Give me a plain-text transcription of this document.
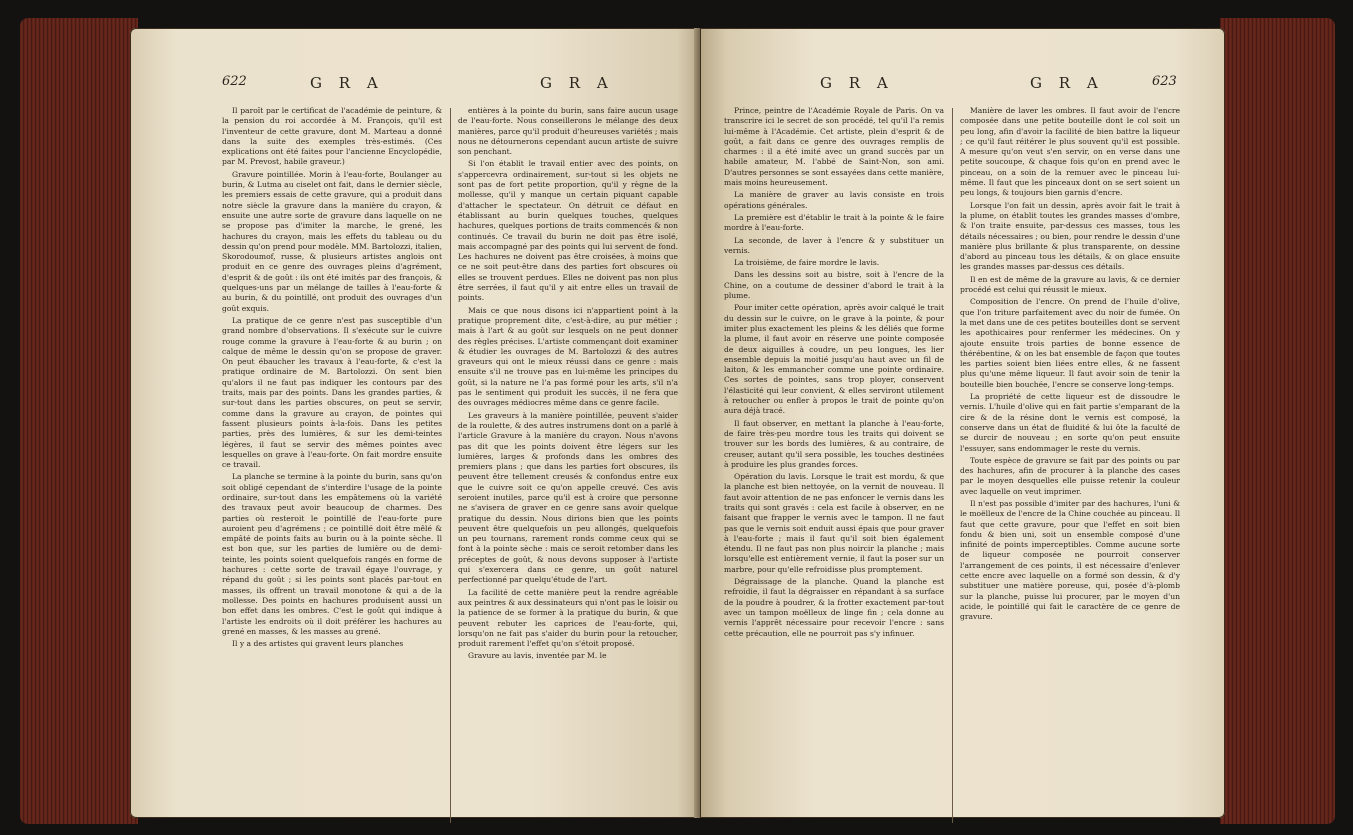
622	G R A	G R A

Il paroît par le certificat de l'académie de peinture, & la pension du roi accordée à M. François, qu'il est l'inventeur de cette gravure, dont M. Marteau a donné dans la suite des exemples très-estimés. (Ces explications ont été faites pour l'ancienne Encyclopédie, par M. Prevost, habile graveur.)

Gravure pointillée. Morin à l'eau-forte, Boulanger au burin, & Lutma au ciselet ont fait, dans le dernier siècle, les premiers essais de cette gravure, qui a produit dans notre siècle la gravure dans la manière du crayon, & ensuite une autre sorte de gravure dans laquelle on ne se propose pas d'imiter la marche, le grené, les hachures du crayon, mais les effets du tableau ou du dessin qu'on prend pour modèle. MM. Bartolozzi, italien, Skorodoumof, russe, & plusieurs artistes anglois ont produit en ce genre des ouvrages pleins d'agrément, d'esprit & de goût : ils ont été imités par des françois, & quelques-uns par un mélange de tailles à l'eau-forte & au burin, & du pointillé, ont produit des ouvrages d'un goût exquis.

La pratique de ce genre n'est pas susceptible d'un grand nombre d'observations. Il s'exécute sur le cuivre rouge comme la gravure à l'eau-forte & au burin ; on calque de même le dessin qu'on se propose de graver. On peut ébaucher les travaux à l'eau-forte, & c'est la pratique ordinaire de M. Bartolozzi. On sent bien qu'alors il ne faut pas indiquer les contours par des traits, mais par des points. Dans les grandes parties, & sur-tout dans les parties obscures, on peut se servir, comme dans la gravure au crayon, de pointes qui fassent plusieurs points à-la-fois. Dans les petites parties, près des lumières, & sur les demi-teintes légères, il faut se servir des mêmes pointes avec lesquelles on grave à l'eau-forte. On fait mordre ensuite ce travail.

La planche se termine à la pointe du burin, sans qu'on soit obligé cependant de s'interdire l'usage de la pointe ordinaire, sur-tout dans les empâtemens où la variété des travaux peut avoir beaucoup de charmes. Des parties où resteroit le pointillé de l'eau-forte pure auroient peu d'agrémens ; ce pointillé doit être mêlé & empâté de points faits au burin ou à la pointe sèche. Il est bon que, sur les parties de lumière ou de demi-teinte, les points soient quelquefois rangés en forme de hachures : cette sorte de travail égaye l'ouvrage, y répand du goût ; si les points sont placés par-tout en masses, ils offrent un travail monotone & qui a de la mollesse. Des points en hachures produisent aussi un bon effet dans les ombres. C'est le goût qui indique à l'artiste les endroits où il doit préférer les hachures au grené en masses, & les masses au grené.

Il y a des artistes qui gravent leurs planches

entières à la pointe du burin, sans faire aucun usage de l'eau-forte. Nous conseillerons le mélange des deux manières, parce qu'il produit d'heureuses variétés ; mais nous ne détournerons cependant aucun artiste de suivre son penchant.

Si l'on établit le travail entier avec des points, on s'appercevra ordinairement, sur-tout si les objets ne sont pas de fort petite proportion, qu'il y règne de la mollesse, qu'il y manque un certain piquant capable d'attacher le spectateur. On détruit ce défaut en établissant au burin quelques touches, quelques hachures, quelques portions de traits commencés & non continués. Ce travail du burin ne doit pas être isolé, mais accompagné par des points qui lui servent de fond. Les hachures ne doivent pas être croisées, à moins que ce ne soit peut-être dans des parties fort obscures où elles se trouvent perdues. Elles ne doivent pas non plus être serrées, il faut qu'il y ait entre elles un travail de points.

Mais ce que nous disons ici n'appartient point à la pratique proprement dite, c'est-à-dire, au pur métier ; mais à l'art & au goût sur lesquels on ne peut donner des règles précises. L'artiste commençant doit examiner & étudier les ouvrages de M. Bartolozzi & des autres graveurs qui ont le mieux réussi dans ce genre : mais ensuite s'il ne trouve pas en lui-même les principes du goût, si la nature ne l'a pas formé pour les arts, s'il n'a pas le sentiment qui produit les succès, il ne fera que des ouvrages médiocres même dans ce genre facile.

Les graveurs à la manière pointillée, peuvent s'aider de la roulette, & des autres instrumens dont on a parlé à l'article Gravure à la manière du crayon. Nous n'avons pas dit que les points doivent être légers sur les lumières, larges & profonds dans les ombres des premiers plans ; que dans les parties fort obscures, ils peuvent être tellement creusés & confondus entre eux que le cuivre soit ce qu'on appelle creuvé. Ces avis seroient inutiles, parce qu'il est à croire que personne ne s'avisera de graver en ce genre sans avoir quelque pratique du dessin. Nous dirions bien que les points peuvent être quelquefois un peu allongés, quelquefois un peu tournans, rarement ronds comme ceux qui se font à la pointe sèche : mais ce seroit retomber dans les préceptes de goût, & nous devons supposer à l'artiste qui s'exercera dans ce genre, un goût naturel perfectionné par quelqu'étude de l'art.

La facilité de cette manière peut la rendre agréable aux peintres & aux dessinateurs qui n'ont pas le loisir ou la patience de se former à la pratique du burin, & que peuvent rebuter les caprices de l'eau-forte, qui, lorsqu'on ne fait pas s'aider du burin pour la retoucher, produit rarement l'effet qu'on s'étoit proposé.

Gravure au lavis, inventée par M. le

G R A	G R A	623

Prince, peintre de l'Académie Royale de Paris. On va transcrire ici le secret de son procédé, tel qu'il l'a remis lui-même à l'Académie. Cet artiste, plein d'esprit & de goût, a fait dans ce genre des ouvrages remplis de charmes : il a été imité avec un grand succès par un habile amateur, M. l'abbé de Saint-Non, son ami. D'autres personnes se sont essayées dans cette manière, mais moins heureusement.

La manière de graver au lavis consiste en trois opérations générales.

La première est d'établir le trait à la pointe & le faire mordre à l'eau-forte.

La seconde, de laver à l'encre & y substituer un vernis.

La troisième, de faire mordre le lavis.

Dans les dessins soit au bistre, soit à l'encre de la Chine, on a coutume de dessiner d'abord le trait à la plume.

Pour imiter cette opération, après avoir calqué le trait du dessin sur le cuivre, on le grave à la pointe, & pour imiter plus exactement les pleins & les déliés que forme la plume, il faut avoir en réserve une pointe composée de deux aiguilles à coudre, un peu longues, les lier ensemble depuis la moitié jusqu'au haut avec un fil de laiton, & les emmancher comme une pointe ordinaire. Ces sortes de pointes, sans trop ployer, conservent l'élasticité qui leur convient, & elles serviront utilement à retoucher ou enfler à propos le trait de pointe qu'on aura déjà tracé.

Il faut observer, en mettant la planche à l'eau-forte, de faire très-peu mordre tous les traits qui doivent se trouver sur les bords des lumières, & au contraire, de creuser, autant qu'il sera possible, les touches destinées à produire les plus grandes forces.

Opération du lavis. Lorsque le trait est mordu, & que la planche est bien nettoyée, on la vernit de nouveau. Il faut avoir attention de ne pas enfoncer le vernis dans les traits qui sont gravés : cela est facile à observer, en ne faisant que frapper le vernis avec le tampon. Il ne faut pas que le vernis soit enduit aussi épais que pour graver à l'eau-forte ; mais il faut qu'il soit bien également étendu. Il ne faut pas non plus noircir la planche ; mais lorsqu'elle est entièrement vernie, il faut la poser sur un marbre, pour qu'elle refroidisse plus promptement.

Dégraissage de la planche. Quand la planche est refroidie, il faut la dégraisser en répandant à sa surface de la poudre à poudrer, & la frotter exactement par-tout avec un tampon moëlleux de linge fin ; cela donne au vernis l'apprêt nécessaire pour recevoir l'encre : sans cette précaution, elle ne pourroit pas s'y infinuer.

Manière de laver les ombres. Il faut avoir de l'encre composée dans une petite bouteille dont le col soit un peu long, afin d'avoir la facilité de bien battre la liqueur ; ce qu'il faut réitérer le plus souvent qu'il est possible. A mesure qu'on veut s'en servir, on en verse dans une petite soucoupe, & chaque fois qu'on en prend avec le pinceau, on a soin de la remuer avec le pinceau lui-même. Il faut que les pinceaux dont on se sert soient un peu longs, & toujours bien garnis d'encre.

Lorsque l'on fait un dessin, après avoir fait le trait à la plume, on établit toutes les grandes masses d'ombre, & l'on traite ensuite, par-dessus ces masses, tous les détails nécessaires ; ou bien, pour rendre le dessin d'une manière plus brillante & plus transparente, on dessine d'abord au pinceau tous les détails, & on glace ensuite les grandes masses par-dessus ces détails.

Il en est de même de la gravure au lavis, & ce dernier procédé est celui qui réussit le mieux.

Composition de l'encre. On prend de l'huile d'olive, que l'on triture parfaitement avec du noir de fumée. On la met dans une de ces petites bouteilles dont se servent les apothicaires pour renfermer les médecines. On y ajoute ensuite trois parties de bonne essence de thérébentine, & on les bat ensemble de façon que toutes les parties soient bien liées entre elles, & ne fassent plus qu'une même liqueur. Il faut avoir soin de tenir la bouteille bien bouchée, l'encre se conserve long-temps.

La propriété de cette liqueur est de dissoudre le vernis. L'huile d'olive qui en fait partie s'emparant de la cire & de la résine dont le vernis est composé, la conserve dans un état de fluidité & lui ôte la faculté de se durcir de nouveau ; en sorte qu'on peut ensuite l'essuyer, sans endommager le reste du vernis.

Toute espèce de gravure se fait par des points ou par des hachures, afin de procurer à la planche des cases par le moyen desquelles elle puisse retenir la couleur avec laquelle on veut imprimer.

Il n'est pas possible d'imiter par des hachures, l'uni & le moëlleux de l'encre de la Chine couchée au pinceau. Il faut que cette gravure, pour que l'effet en soit bien fondu & bien uni, soit un ensemble composé d'une infinité de points imperceptibles. Comme aucune sorte de liqueur composée ne pourroit conserver l'arrangement de ces points, il est nécessaire d'enlever cette encre avec laquelle on a formé son dessin, & d'y substituer une matière poreuse, qui, posée d'à-plomb sur la planche, puisse lui procurer, par le moyen d'un acide, le pointillé qui fait le caractère de ce genre de gravure.
